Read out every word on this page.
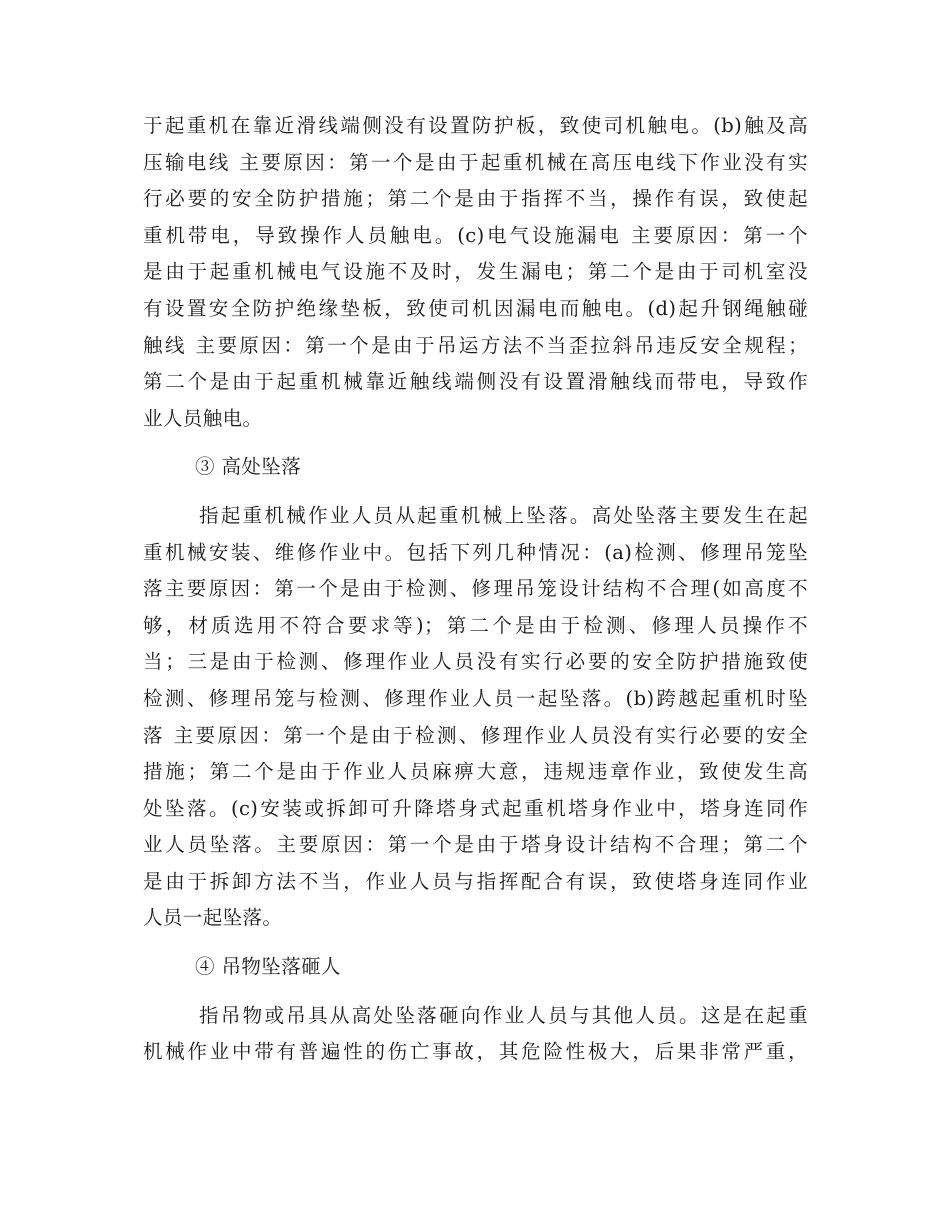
于起重机在靠近滑线端侧没有设置防护板，致使司机触电。(b)触及高
压输电线 主要原因：第一个是由于起重机械在高压电线下作业没有实
行必要的安全防护措施；第二个是由于指挥不当，操作有误，致使起
重机带电，导致操作人员触电。(c)电气设施漏电 主要原因：第一个
是由于起重机械电气设施不及时，发生漏电；第二个是由于司机室没
有设置安全防护绝缘垫板，致使司机因漏电而触电。(d)起升钢绳触碰
触线 主要原因：第一个是由于吊运方法不当歪拉斜吊违反安全规程；
第二个是由于起重机械靠近触线端侧没有设置滑触线而带电，导致作
业人员触电。
③ 高处坠落
指起重机械作业人员从起重机械上坠落。高处坠落主要发生在起
重机械安装、维修作业中。包括下列几种情况：(a)检测、修理吊笼坠
落主要原因：第一个是由于检测、修理吊笼设计结构不合理(如高度不
够，材质选用不符合要求等)；第二个是由于检测、修理人员操作不
当；三是由于检测、修理作业人员没有实行必要的安全防护措施致使
检测、修理吊笼与检测、修理作业人员一起坠落。(b)跨越起重机时坠
落 主要原因：第一个是由于检测、修理作业人员没有实行必要的安全
措施；第二个是由于作业人员麻痹大意，违规违章作业，致使发生高
处坠落。(c)安装或拆卸可升降塔身式起重机塔身作业中，塔身连同作
业人员坠落。主要原因：第一个是由于塔身设计结构不合理；第二个
是由于拆卸方法不当，作业人员与指挥配合有误，致使塔身连同作业
人员一起坠落。
④ 吊物坠落砸人
指吊物或吊具从高处坠落砸向作业人员与其他人员。这是在起重
机械作业中带有普遍性的伤亡事故，其危险性极大，后果非常严重，
